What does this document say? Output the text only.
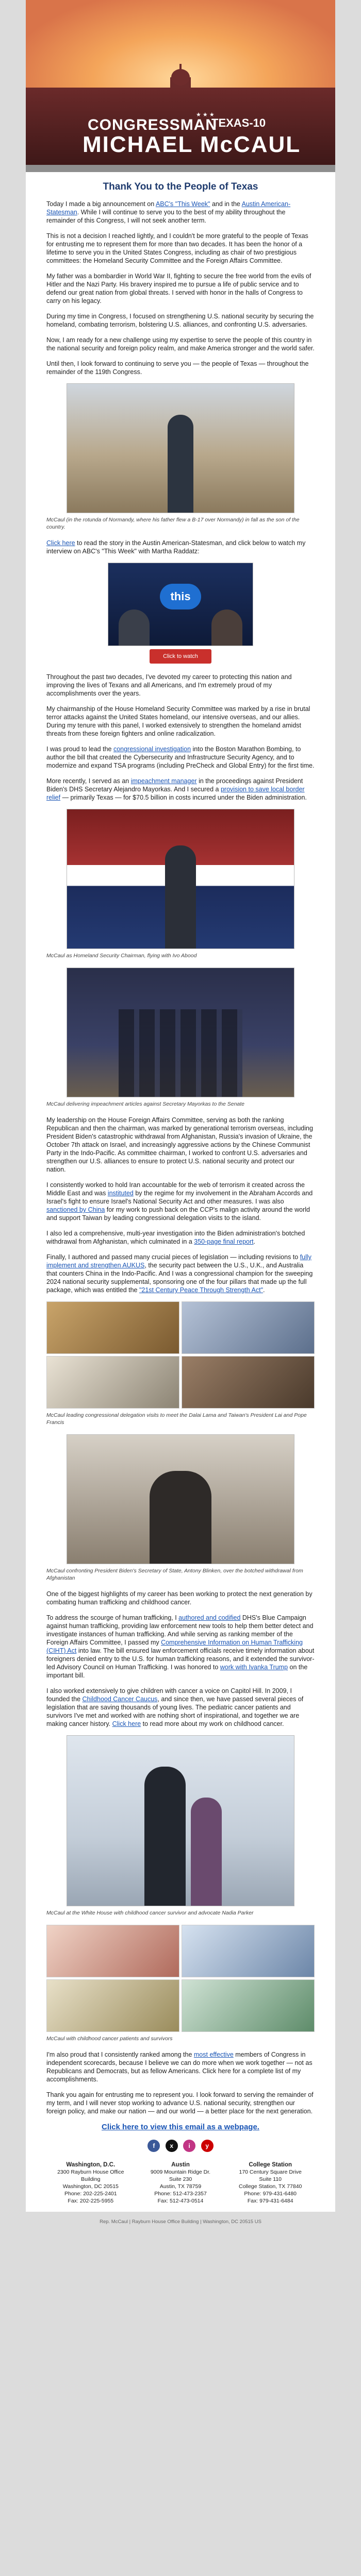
★ ★ ★
CONGRESSMAN
TEXAS-10
MICHAEL McCAUL
Thank You to the People of Texas

Today I made a big announcement on ABC's "This Week" and in the Austin American-Statesman. While I will continue to serve you to the best of my ability throughout the remainder of this Congress, I will not seek another term.

This is not a decision I reached lightly, and I couldn't be more grateful to the people of Texas for entrusting me to represent them for more than two decades. It has been the honor of a lifetime to serve you in the United States Congress, including as chair of two prestigious committees: the Homeland Security Committee and the Foreign Affairs Committee.

My father was a bombardier in World War II, fighting to secure the free world from the evils of Hitler and the Nazi Party. His bravery inspired me to pursue a life of public service and to defend our great nation from global threats. I served with honor in the halls of Congress to carry on his legacy.

During my time in Congress, I focused on strengthening U.S. national security by securing the homeland, combating terrorism, bolstering U.S. alliances, and confronting U.S. adversaries.

Now, I am ready for a new challenge using my expertise to serve the people of this country in the national security and foreign policy realm, and make America stronger and the world safer.

Until then, I look forward to continuing to serve you — the people of Texas — throughout the remainder of the 119th Congress.

McCaul (in the rotunda of Normandy, where his father flew a B-17 over Normandy) in fall as the son of the country.

Click here to read the story in the Austin American-Statesman, and click below to watch my interview on ABC's "This Week" with Martha Raddatz:

this

Click to watch

Throughout the past two decades, I've devoted my career to protecting this nation and improving the lives of Texans and all Americans, and I'm extremely proud of my accomplishments over the years.

My chairmanship of the House Homeland Security Committee was marked by a rise in brutal terror attacks against the United States homeland, our intensive overseas, and our allies. During my tenure with this panel, I worked extensively to strengthen the homeland amidst threats from these foreign fighters and online radicalization.

I was proud to lead the congressional investigation into the Boston Marathon Bombing, to author the bill that created the Cybersecurity and Infrastructure Security Agency, and to modernize and expand TSA programs (including PreCheck and Global Entry) for the first time.

More recently, I served as an impeachment manager in the proceedings against President Biden's DHS Secretary Alejandro Mayorkas. And I secured a provision to save local border relief — primarily Texas — for $70.5 billion in costs incurred under the Biden administration.

McCaul as Homeland Security Chairman, flying with Ivo Abood

McCaul delivering impeachment articles against Secretary Mayorkas to the Senate

My leadership on the House Foreign Affairs Committee, serving as both the ranking Republican and then the chairman, was marked by generational terrorism overseas, including President Biden's catastrophic withdrawal from Afghanistan, Russia's invasion of Ukraine, the October 7th attack on Israel, and increasingly aggressive actions by the Chinese Communist Party in the Indo-Pacific. As committee chairman, I worked to confront U.S. adversaries and strengthen our U.S. alliances to ensure to protect U.S. national security and protect our nation.

I consistently worked to hold Iran accountable for the web of terrorism it created across the Middle East and was instituted by the regime for my involvement in the Abraham Accords and Israel's fight to ensure Israel's National Security Act and other measures. I was also sanctioned by China for my work to push back on the CCP's malign activity around the world and support Taiwan by leading congressional delegation visits to the island.

I also led a comprehensive, multi-year investigation into the Biden administration's botched withdrawal from Afghanistan, which culminated in a 350-page final report.

Finally, I authored and passed many crucial pieces of legislation — including revisions to fully implement and strengthen AUKUS, the security pact between the U.S., U.K., and Australia that counters China in the Indo-Pacific. And I was a congressional champion for the sweeping 2024 national security supplemental, sponsoring one of the four pillars that made up the full package, which was entitled the "21st Century Peace Through Strength Act".

McCaul leading congressional delegation visits to meet the Dalai Lama and Taiwan's President Lai and Pope Francis

McCaul confronting President Biden's Secretary of State, Antony Blinken, over the botched withdrawal from Afghanistan

One of the biggest highlights of my career has been working to protect the next generation by combating human trafficking and childhood cancer.

To address the scourge of human trafficking, I authored and codified DHS's Blue Campaign against human trafficking, providing law enforcement new tools to help them better detect and investigate instances of human trafficking. And while serving as ranking member of the Foreign Affairs Committee, I passed my Comprehensive Information on Human Trafficking (CIHT) Act into law. The bill ensured law enforcement officials receive timely information about foreigners denied entry to the U.S. for human trafficking reasons, and it extended the survivor-led Advisory Council on Human Trafficking. I was honored to work with Ivanka Trump on the important bill.

I also worked extensively to give children with cancer a voice on Capitol Hill. In 2009, I founded the Childhood Cancer Caucus, and since then, we have passed several pieces of legislation that are saving thousands of young lives. The pediatric cancer patients and survivors I've met and worked with are nothing short of inspirational, and together we are making cancer history. Click here to read more about my work on childhood cancer.

McCaul at the White House with childhood cancer survivor and advocate Nadia Parker

McCaul with childhood cancer patients and survivors

I'm also proud that I consistently ranked among the most effective members of Congress in independent scorecards, because I believe we can do more when we work together — not as Republicans and Democrats, but as fellow Americans. Click here for a complete list of my accomplishments.

Thank you again for entrusting me to represent you. I look forward to serving the remainder of my term, and I will never stop working to advance U.S. national security, strengthen our foreign policy, and make our nation — and our world — a better place for the next generation.

Click here to view this email as a webpage.
f x i y
Washington, D.C.
2300 Rayburn House Office
Building
Washington, DC 20515
Phone: 202-225-2401
Fax: 202-225-5955
Austin
9009 Mountain Ridge Dr.
Suite 230
Austin, TX 78759
Phone: 512-473-2357
Fax: 512-473-0514
College Station
170 Century Square Drive
Suite 110
College Station, TX 77840
Phone: 979-431-6480
Fax: 979-431-6484
Rep. McCaul | Rayburn House Office Building | Washington, DC 20515 US
